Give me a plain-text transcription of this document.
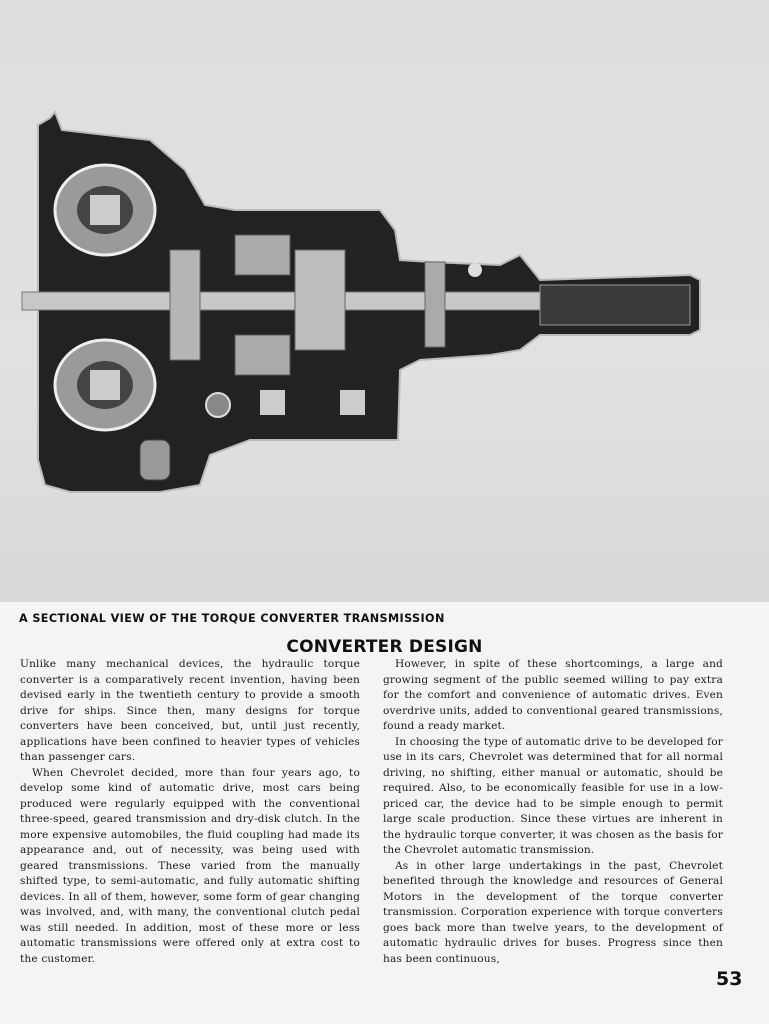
A SECTIONAL VIEW OF THE TORQUE CONVERTER TRANSMISSION
CONVERTER DESIGN

Unlike many mechanical devices, the hydraulic torque converter is a comparatively recent invention, having been devised early in the twentieth century to provide a smooth drive for ships. Since then, many designs for torque converters have been conceived, but, until just recently, applications have been confined to heavier types of vehicles than passenger cars.

When Chevrolet decided, more than four years ago, to develop some kind of automatic drive, most cars being produced were regularly equipped with the conventional three-speed, geared transmission and dry-disk clutch. In the more expensive automobiles, the fluid coupling had made its appearance and, out of necessity, was being used with geared transmissions. These varied from the manually shifted type, to semi-automatic, and fully automatic shifting devices. In all of them, however, some form of gear changing was involved, and, with many, the conventional clutch pedal was still needed. In addition, most of these more or less automatic transmissions were offered only at extra cost to the customer.

However, in spite of these shortcomings, a large and growing segment of the public seemed willing to pay extra for the comfort and convenience of automatic drives. Even overdrive units, added to conventional geared transmissions, found a ready market.

In choosing the type of automatic drive to be developed for use in its cars, Chevrolet was determined that for all normal driving, no shifting, either manual or automatic, should be required. Also, to be economically feasible for use in a low-priced car, the device had to be simple enough to permit large scale production. Since these virtues are inherent in the hydraulic torque converter, it was chosen as the basis for the Chevrolet automatic transmission.

As in other large undertakings in the past, Chevrolet benefited through the knowledge and resources of General Motors in the development of the torque converter transmission. Corporation experience with torque converters goes back more than twelve years, to the development of automatic hydraulic drives for buses. Progress since then has been continuous,

53
